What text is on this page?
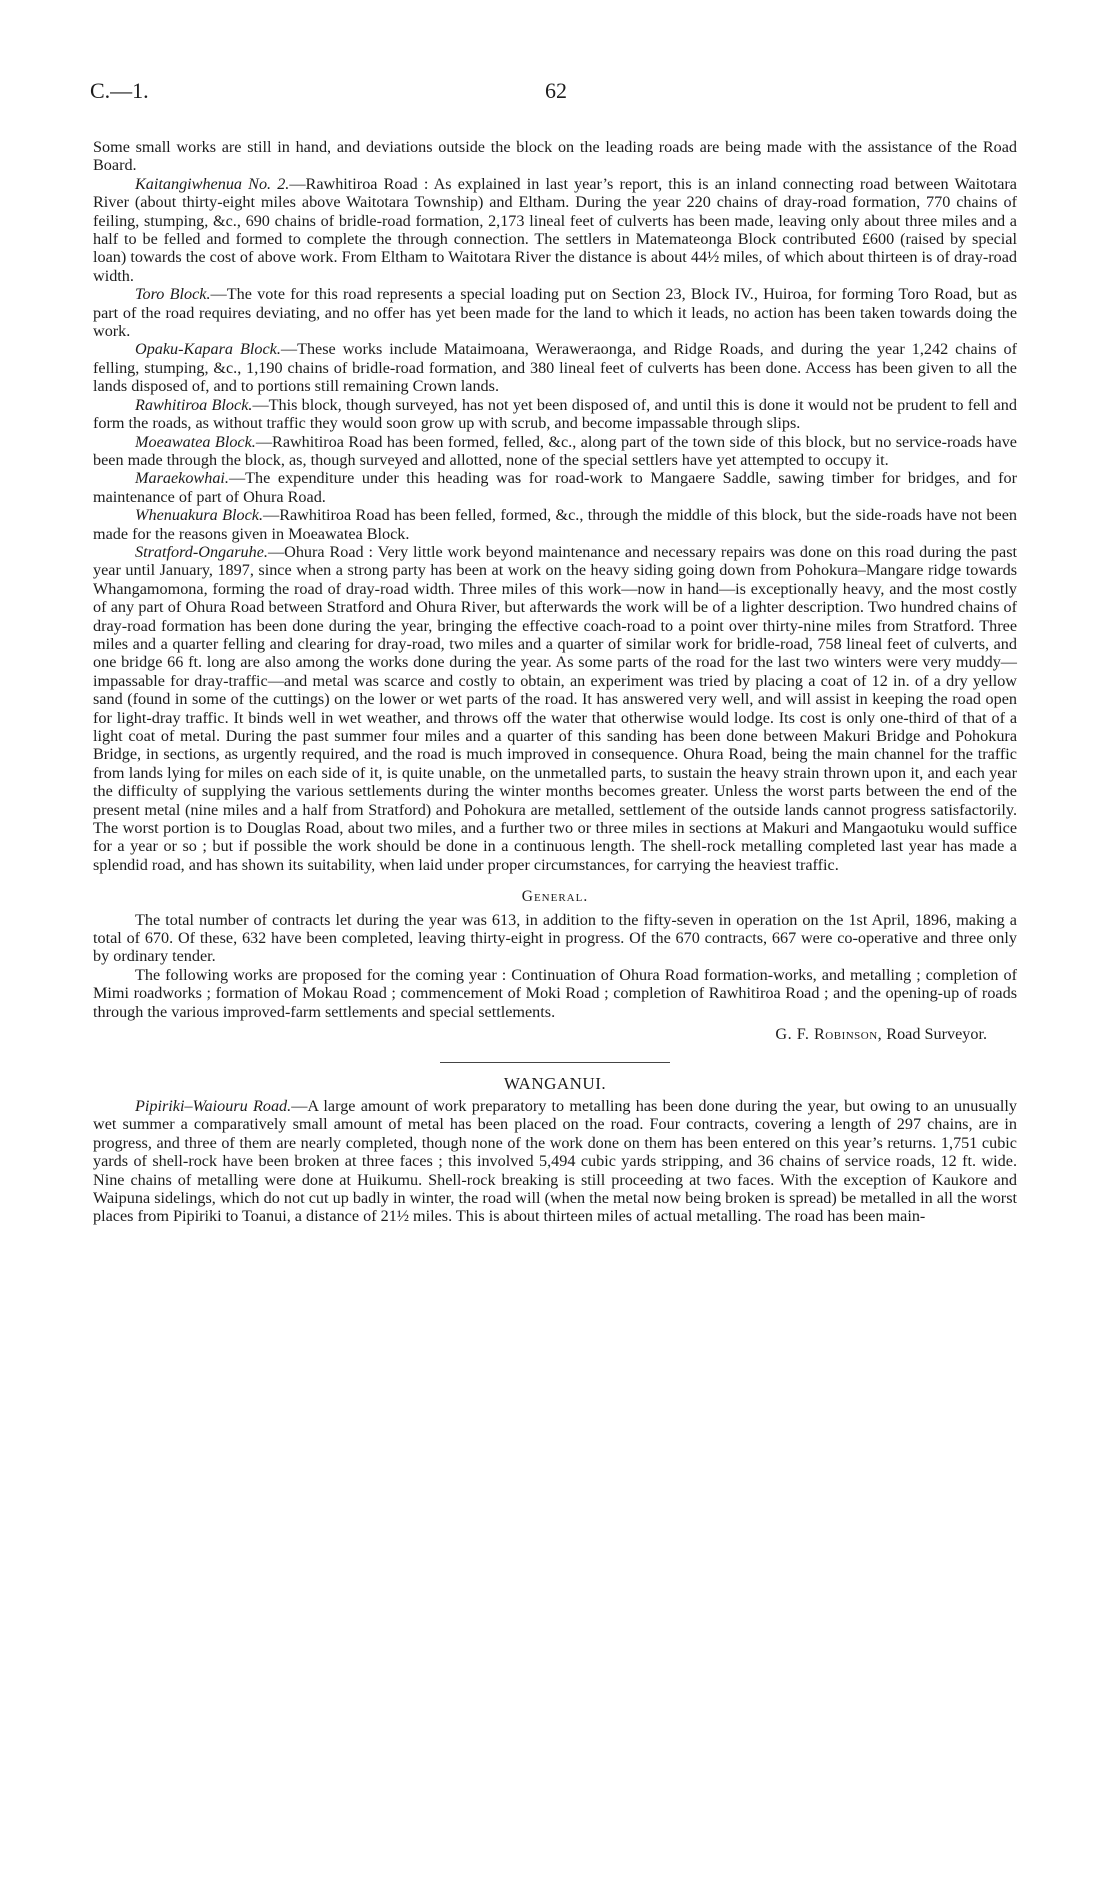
C.—1.	62

Some small works are still in hand, and deviations outside the block on the leading roads are being made with the assistance of the Road Board.

Kaitangiwhenua No. 2.—Rawhitiroa Road : As explained in last year’s report, this is an inland connecting road between Waitotara River (about thirty-eight miles above Waitotara Township) and Eltham. During the year 220 chains of dray-road formation, 770 chains of feiling, stumping, &c., 690 chains of bridle-road formation, 2,173 lineal feet of culverts has been made, leaving only about three miles and a half to be felled and formed to complete the through connection. The settlers in Matemateonga Block contributed £600 (raised by special loan) towards the cost of above work. From Eltham to Waitotara River the distance is about 44½ miles, of which about thirteen is of dray-road width.

Toro Block.—The vote for this road represents a special loading put on Section 23, Block IV., Huiroa, for forming Toro Road, but as part of the road requires deviating, and no offer has yet been made for the land to which it leads, no action has been taken towards doing the work.

Opaku-Kapara Block.—These works include Mataimoana, Weraweraonga, and Ridge Roads, and during the year 1,242 chains of felling, stumping, &c., 1,190 chains of bridle-road formation, and 380 lineal feet of culverts has been done. Access has been given to all the lands disposed of, and to portions still remaining Crown lands.

Rawhitiroa Block.—This block, though surveyed, has not yet been disposed of, and until this is done it would not be prudent to fell and form the roads, as without traffic they would soon grow up with scrub, and become impassable through slips.

Moeawatea Block.—Rawhitiroa Road has been formed, felled, &c., along part of the town side of this block, but no service-roads have been made through the block, as, though surveyed and allotted, none of the special settlers have yet attempted to occupy it.

Maraekowhai.—The expenditure under this heading was for road-work to Mangaere Saddle, sawing timber for bridges, and for maintenance of part of Ohura Road.

Whenuakura Block.—Rawhitiroa Road has been felled, formed, &c., through the middle of this block, but the side-roads have not been made for the reasons given in Moeawatea Block.

Stratford-Ongaruhe.—Ohura Road : Very little work beyond maintenance and necessary repairs was done on this road during the past year until January, 1897, since when a strong party has been at work on the heavy siding going down from Pohokura–Mangare ridge towards Whangamomona, forming the road of dray-road width. Three miles of this work—now in hand—is exceptionally heavy, and the most costly of any part of Ohura Road between Stratford and Ohura River, but afterwards the work will be of a lighter description. Two hundred chains of dray-road formation has been done during the year, bringing the effective coach-road to a point over thirty-nine miles from Stratford. Three miles and a quarter felling and clearing for dray-road, two miles and a quarter of similar work for bridle-road, 758 lineal feet of culverts, and one bridge 66 ft. long are also among the works done during the year. As some parts of the road for the last two winters were very muddy—impassable for dray-traffic—and metal was scarce and costly to obtain, an experiment was tried by placing a coat of 12 in. of a dry yellow sand (found in some of the cuttings) on the lower or wet parts of the road. It has answered very well, and will assist in keeping the road open for light-dray traffic. It binds well in wet weather, and throws off the water that otherwise would lodge. Its cost is only one-third of that of a light coat of metal. During the past summer four miles and a quarter of this sanding has been done between Makuri Bridge and Pohokura Bridge, in sections, as urgently required, and the road is much improved in consequence. Ohura Road, being the main channel for the traffic from lands lying for miles on each side of it, is quite unable, on the unmetalled parts, to sustain the heavy strain thrown upon it, and each year the difficulty of supplying the various settlements during the winter months becomes greater. Unless the worst parts between the end of the present metal (nine miles and a half from Stratford) and Pohokura are metalled, settlement of the outside lands cannot progress satisfactorily. The worst portion is to Douglas Road, about two miles, and a further two or three miles in sections at Makuri and Mangaotuku would suffice for a year or so ; but if possible the work should be done in a continuous length. The shell-rock metalling completed last year has made a splendid road, and has shown its suitability, when laid under proper circumstances, for carrying the heaviest traffic.

General.

The total number of contracts let during the year was 613, in addition to the fifty-seven in operation on the 1st April, 1896, making a total of 670. Of these, 632 have been completed, leaving thirty-eight in progress. Of the 670 contracts, 667 were co-operative and three only by ordinary tender.

The following works are proposed for the coming year : Continuation of Ohura Road formation-works, and metalling ; completion of Mimi roadworks ; formation of Mokau Road ; commencement of Moki Road ; completion of Rawhitiroa Road ; and the opening-up of roads through the various improved-farm settlements and special settlements.

G. F. Robinson, Road Surveyor.
WANGANUI.

Pipiriki–Waiouru Road.—A large amount of work preparatory to metalling has been done during the year, but owing to an unusually wet summer a comparatively small amount of metal has been placed on the road. Four contracts, covering a length of 297 chains, are in progress, and three of them are nearly completed, though none of the work done on them has been entered on this year’s returns. 1,751 cubic yards of shell-rock have been broken at three faces ; this involved 5,494 cubic yards stripping, and 36 chains of service roads, 12 ft. wide. Nine chains of metalling were done at Huikumu. Shell-rock breaking is still proceeding at two faces. With the exception of Kaukore and Waipuna sidelings, which do not cut up badly in winter, the road will (when the metal now being broken is spread) be metalled in all the worst places from Pipiriki to Toanui, a distance of 21½ miles. This is about thirteen miles of actual metalling. The road has been main-
